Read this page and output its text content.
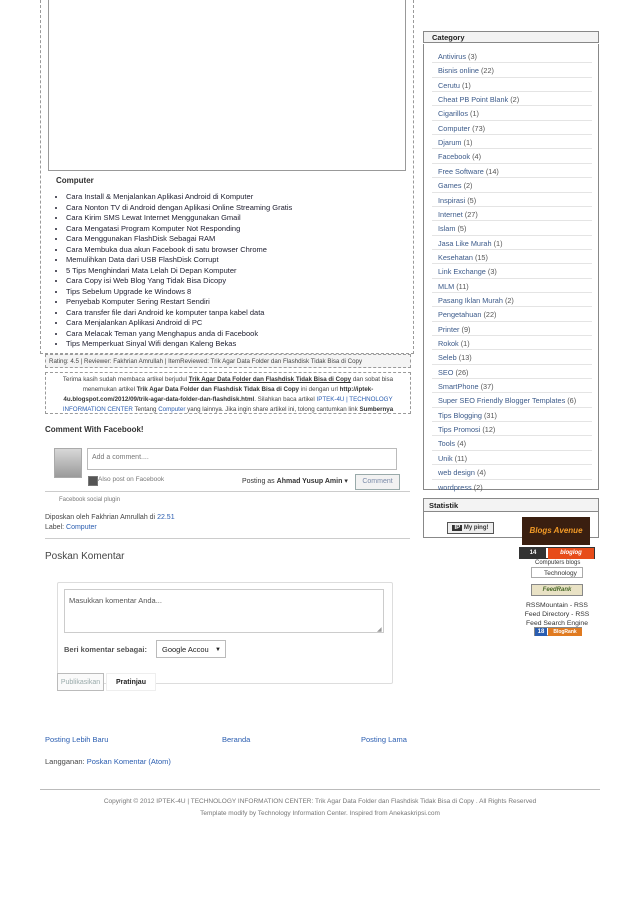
Computer
• Cara Install & Menjalankan Aplikasi Android di Komputer
• Cara Nonton TV di Android dengan Aplikasi Online Streaming Gratis
• Cara Kirim SMS Lewat Internet Menggunakan Gmail
• Cara Mengatasi Program Komputer Not Responding
• Cara Menggunakan FlashDisk Sebagai RAM
• Cara Membuka dua akun Facebook di satu browser Chrome
• Memulihkan Data dari USB FlashDisk Corrupt
• 5 Tips Menghindari Mata Lelah Di Depan Komputer
• Cara Copy isi Web Blog Yang Tidak Bisa Dicopy
• Tips Sebelum Upgrade ke Windows 8
• Penyebab Komputer Sering Restart Sendiri
• Cara transfer file dari Android ke komputer tanpa kabel data
• Cara Menjalankan Aplikasi Android di PC
• Cara Melacak Teman yang Menghapus anda di Facebook
• Tips Memperkuat Sinyal Wifi dengan Kaleng Bekas
Rating: 4.5 | Reviewer: Fakhrian Amrullah | ItemReviewed: Trik Agar Data Folder dan Flashdisk Tidak Bisa di Copy
Terima kasih sudah membaca artikel berjudul Trik Agar Data Folder dan Flashdisk Tidak Bisa di Copy dan sobat bisa menemukan artikel Trik Agar Data Folder dan Flashdisk Tidak Bisa di Copy ini dengan url http://iptek-4u.blogspot.com/2012/09/trik-agar-data-folder-dan-flashdisk.html. Silahkan baca artikel IPTEK-4U | TECHNOLOGY INFORMATION CENTER Tentang Computer yang lainnya. Jika ingin share artikel ini, tolong cantumkan link Sumbernya
Comment With Facebook!
Add a comment....
Also post on Facebook	Posting as Ahmad Yusup Amin ▾	Comment
Facebook social plugin
Diposkan oleh Fakhrian Amrullah di 22.51
Label: Computer
Poskan Komentar
Masukkan komentar Anda...
◢
Beri komentar sebagai:	Google Accou ▼
Publikasikan	Pratinjau
Posting Lebih Baru	Beranda	Posting Lama
Langganan: Poskan Komentar (Atom)
Category
Antivirus (3)
Bisnis online (22)
Cerutu (1)
Cheat PB Point Blank (2)
Cigarillos (1)
Computer (73)
Djarum (1)
Facebook (4)
Free Software (14)
Games (2)
Inspirasi (5)
Internet (27)
Islam (5)
Jasa Like Murah (1)
Kesehatan (15)
Link Exchange (3)
MLM (11)
Pasang Iklan Murah (2)
Pengetahuan (22)
Printer (9)
Rokok (1)
Seleb (13)
SEO (26)
SmartPhone (37)
Super SEO Friendly Blogger Templates (6)
Tips Blogging (31)
Tips Promosi (12)
Tools (4)
Unik (11)
web design (4)
wordpress (2)
Statistik
IP My ping!	Blogs Avenue
14	bloglog
Computers blogs
Technology
FeedRank
RSSMountain - RSS
Feed Directory - RSS
Feed Search Engine
18	BlogRank
Copyright © 2012 IPTEK-4U | TECHNOLOGY INFORMATION CENTER: Trik Agar Data Folder dan Flashdisk Tidak Bisa di Copy . All Rights Reserved
Template modify by Technology Information Center. Inspired from Anekaskripsi.com
